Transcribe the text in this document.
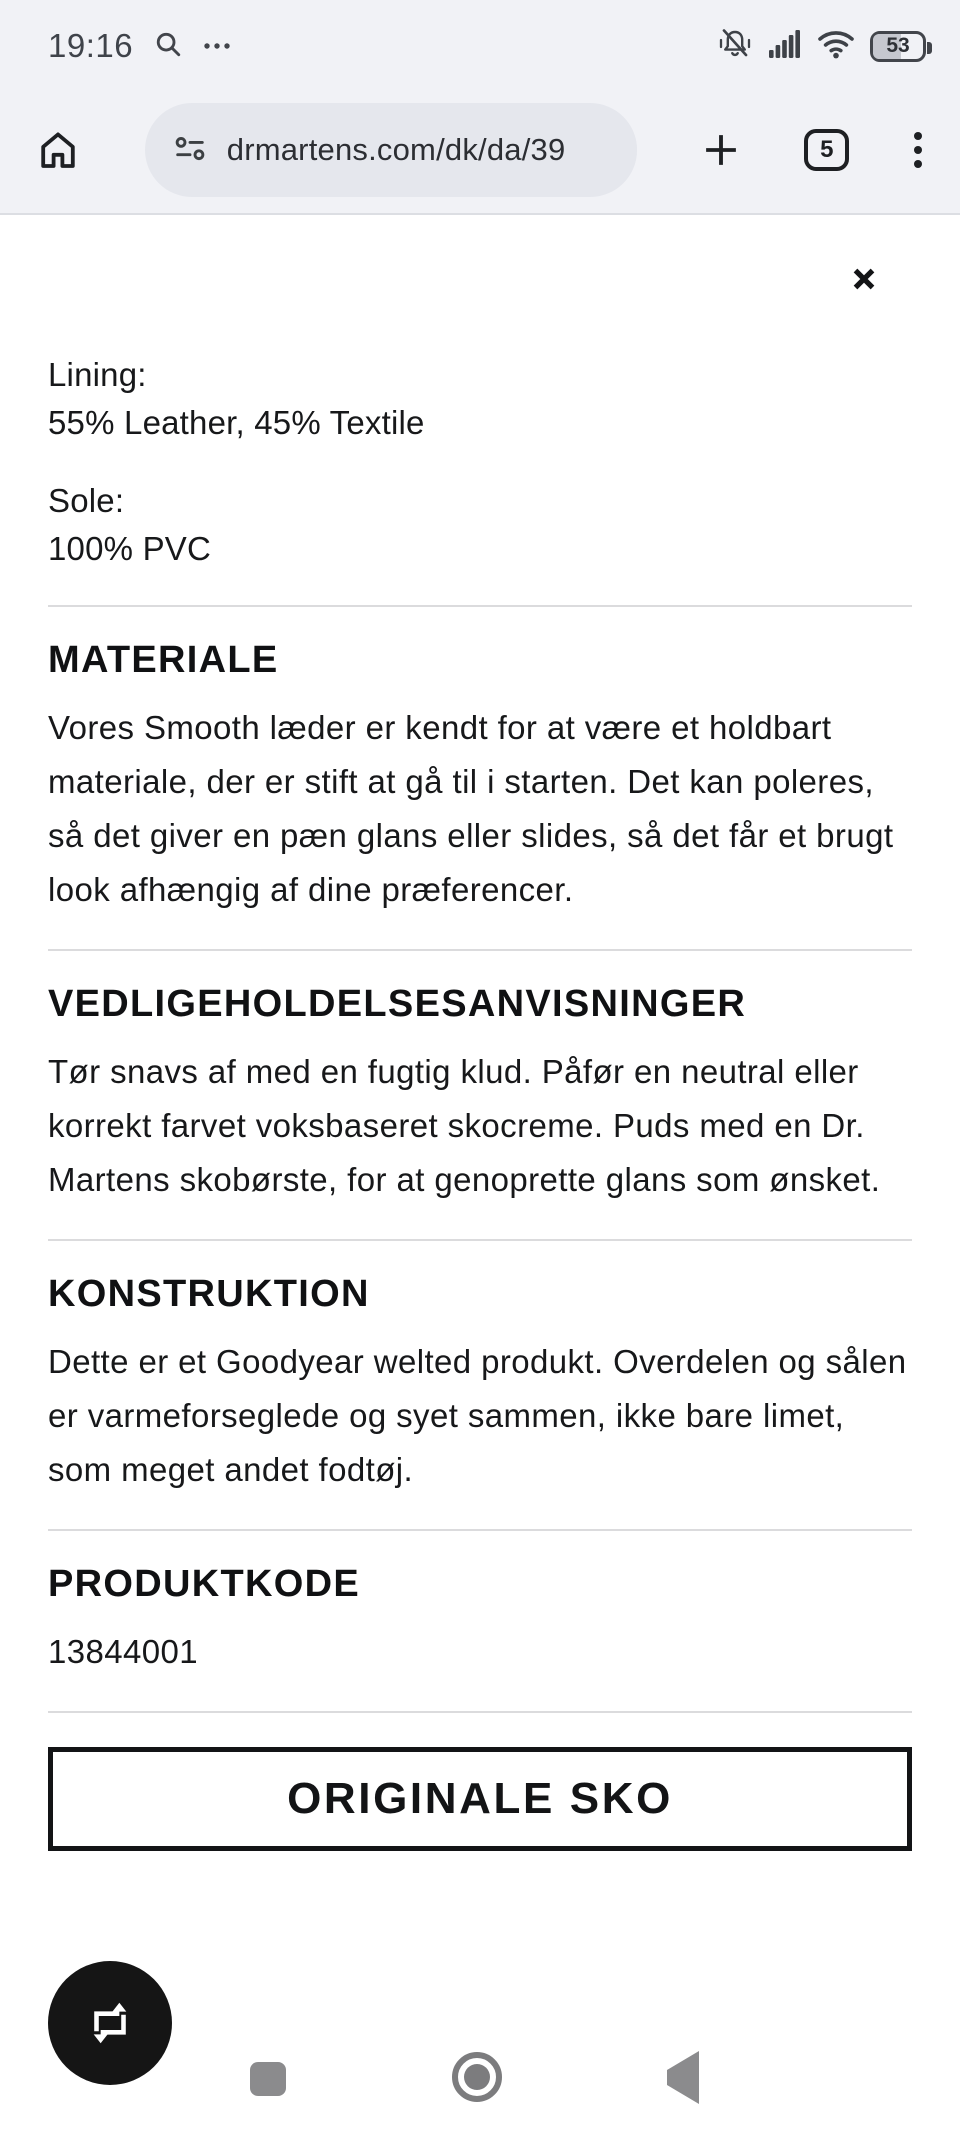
19:16	53
drmartens.com/dk/da/39	5
Lining:
55% Leather, 45% Textile
Sole:
100% PVC
MATERIALE

Vores Smooth læder er kendt for at være et holdbart materiale, der er stift at gå til i starten. Det kan poleres, så det giver en pæn glans eller slides, så det får et brugt look afhængig af dine præferencer.

VEDLIGEHOLDELSESANVISNINGER

Tør snavs af med en fugtig klud. Påfør en neutral eller korrekt farvet voksbaseret skocreme. Puds med en Dr. Martens skobørste, for at genoprette glans som ønsket.

KONSTRUKTION

Dette er et Goodyear welted produkt. Overdelen og sålen er varmeforseglede og syet sammen, ikke bare limet, som meget andet fodtøj.

PRODUKTKODE

13844001

ORIGINALE SKO
